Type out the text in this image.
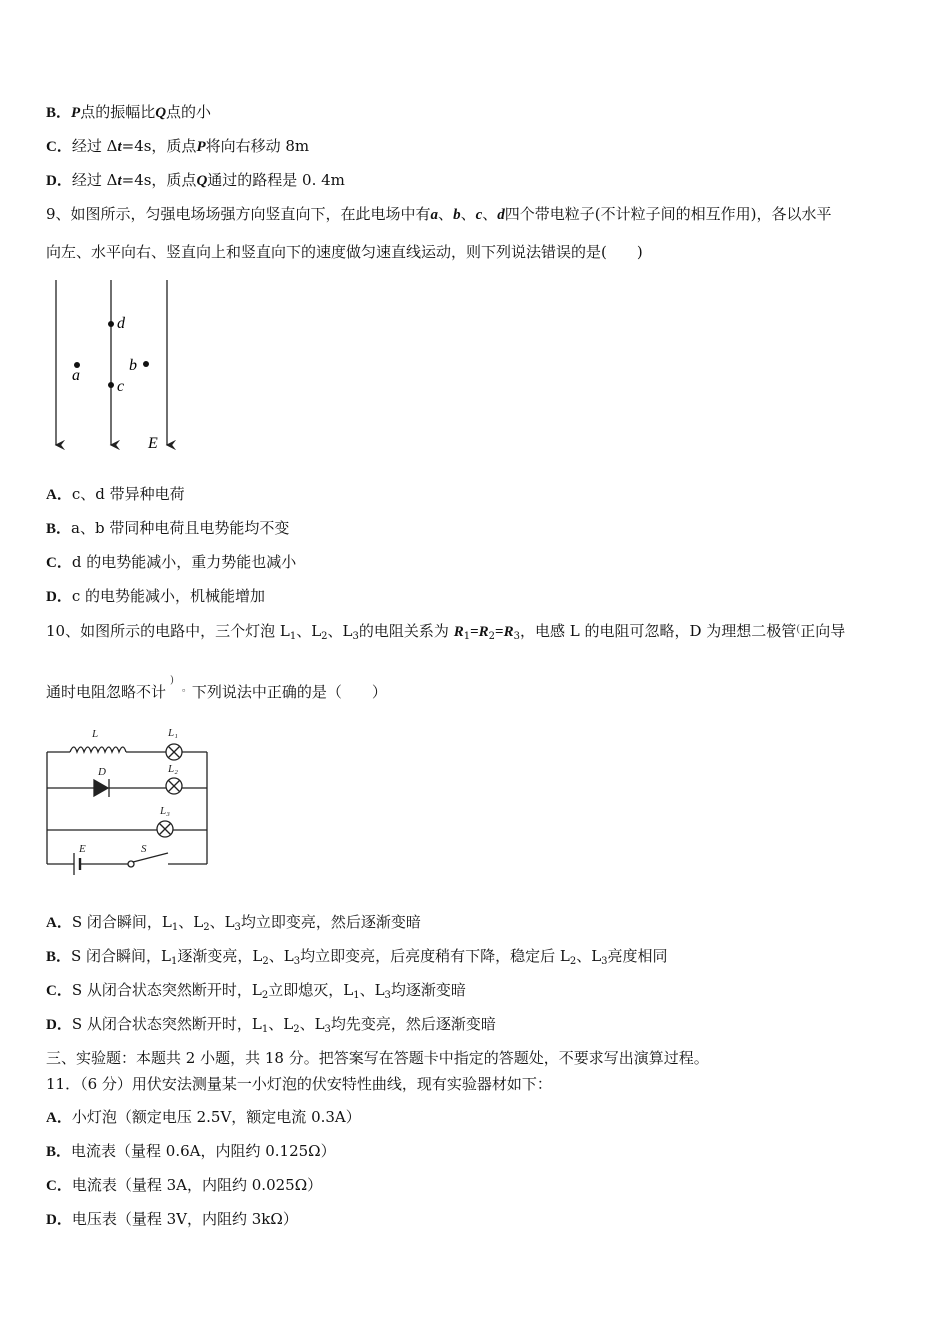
B．P点的振幅比Q点的小
C．经过 Δt=4s，质点P将向右移动 8m
D．经过 Δt=4s，质点Q通过的路程是 0. 4m
9、如图所示，匀强电场场强方向竖直向下，在此电场中有a、b、c、d四个带电粒子(不计粒子间的相互作用)，各以水平
向左、水平向右、竖直向上和竖直向下的速度做匀速直线运动，则下列说法错误的是(　　)
d
a
b
c
E
A．c、d 带异种电荷
B．a、b 带同种电荷且电势能均不变
C．d 的电势能减小，重力势能也减小
D．c 的电势能减小，机械能增加
10、如图所示的电路中，三个灯泡 $L_1$、$L_2$、$L_3$的电阻关系为 $R_1=R_2=R_3$，电感 L 的电阻可忽略，D 为理想二极管(正向导
通时电阻忽略不计)。下列说法中正确的是（　　）
L	L₁
D	L₂
L₃
E	S
A．S 闭合瞬间，$L_1$、$L_2$、$L_3$均立即变亮，然后逐渐变暗
B．S 闭合瞬间，$L_1$逐渐变亮，$L_2$、$L_3$均立即变亮，后亮度稍有下降，稳定后 $L_2$、$L_3$亮度相同
C．S 从闭合状态突然断开时，$L_2$立即熄灭，$L_1$、$L_3$均逐渐变暗
D．S 从闭合状态突然断开时，$L_1$、$L_2$、$L_3$均先变亮，然后逐渐变暗
三、实验题：本题共 2 小题，共 18 分。把答案写在答题卡中指定的答题处，不要求写出演算过程。
11．（6 分）用伏安法测量某一小灯泡的伏安特性曲线，现有实验器材如下：
A．小灯泡（额定电压 2.5V，额定电流 0.3A）
B．电流表（量程 0.6A，内阻约 0.125Ω）
C．电流表（量程 3A，内阻约 0.025Ω）
D．电压表（量程 3V，内阻约 3kΩ）
